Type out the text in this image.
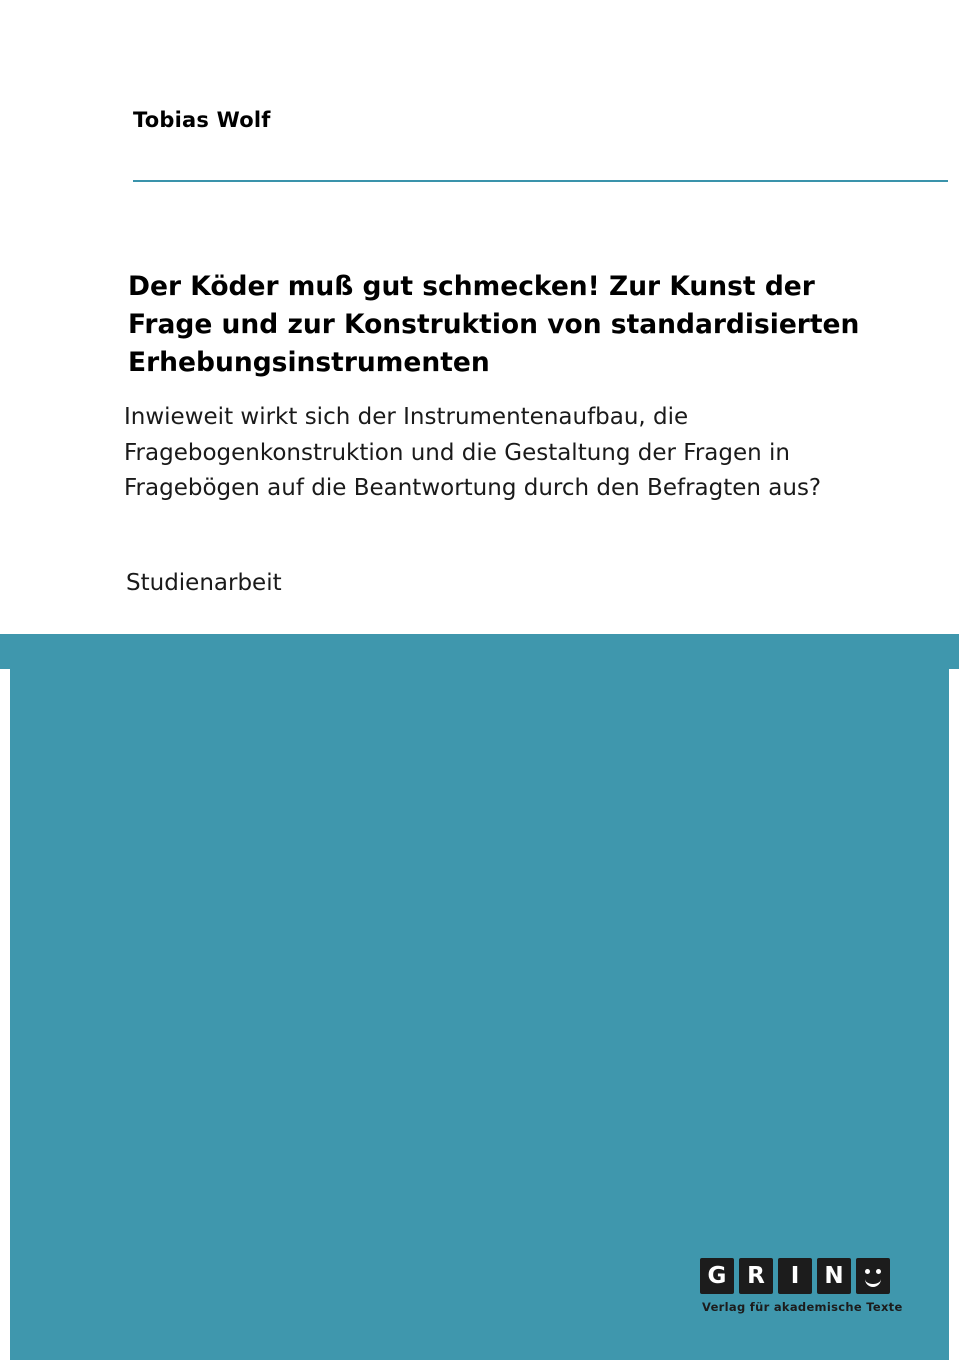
Tobias Wolf
Der Köder muß gut schmecken! Zur Kunst der Frage und zur Konstruktion von standardisierten Erhebungsinstrumenten
Inwieweit wirkt sich der Instrumentenaufbau, die Fragebogenkonstruktion und die Gestaltung der Fragen in Fragebögen auf die Beantwortung durch den Befragten aus?
Studienarbeit
G R	I	N
Verlag für akademische Texte
